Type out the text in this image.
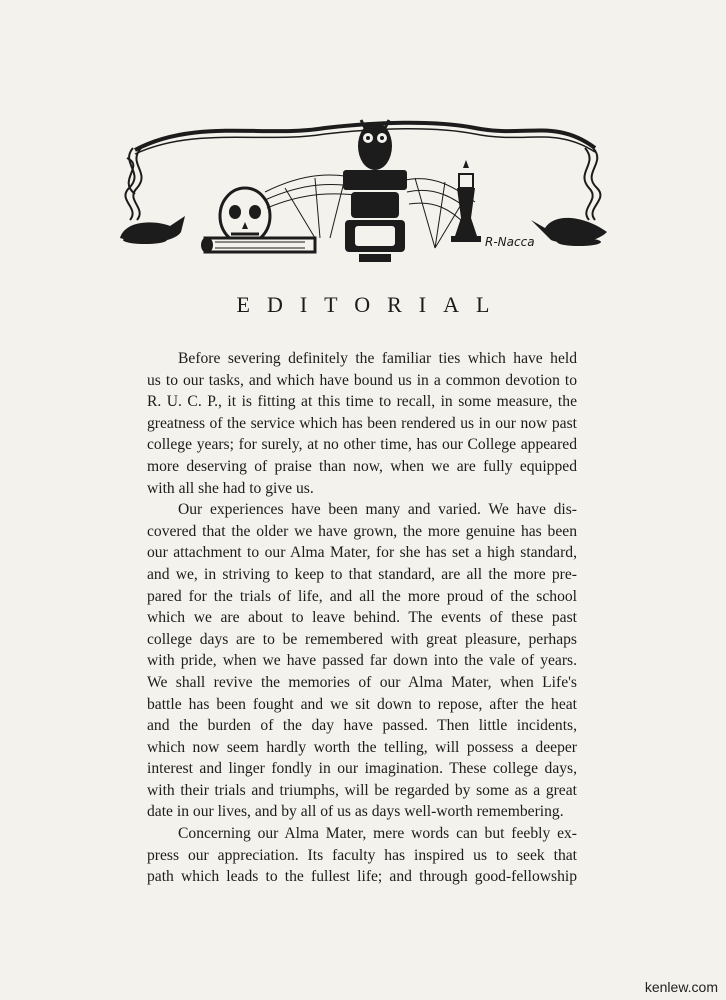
R-Nacca
EDITORIAL
Before severing definitely the familiar ties which have held
us to our tasks, and which have bound us in a common devotion to
R. U. C. P., it is fitting at this time to recall, in some measure, the
greatness of the service which has been rendered us in our now past
college years; for surely, at no other time, has our College appeared
more deserving of praise than now, when we are fully equipped
with all she had to give us.
Our experiences have been many and varied. We have dis-
covered that the older we have grown, the more genuine has been
our attachment to our Alma Mater, for she has set a high standard,
and we, in striving to keep to that standard, are all the more pre-
pared for the trials of life, and all the more proud of the school
which we are about to leave behind. The events of these past
college days are to be remembered with great pleasure, perhaps
with pride, when we have passed far down into the vale of years.
We shall revive the memories of our Alma Mater, when Life's
battle has been fought and we sit down to repose, after the heat
and the burden of the day have passed. Then little incidents,
which now seem hardly worth the telling, will possess a deeper
interest and linger fondly in our imagination. These college days,
with their trials and triumphs, will be regarded by some as a great
date in our lives, and by all of us as days well-worth remembering.
Concerning our Alma Mater, mere words can but feebly ex-
press our appreciation. Its faculty has inspired us to seek that
path which leads to the fullest life; and through good-fellowship
kenlew.com
